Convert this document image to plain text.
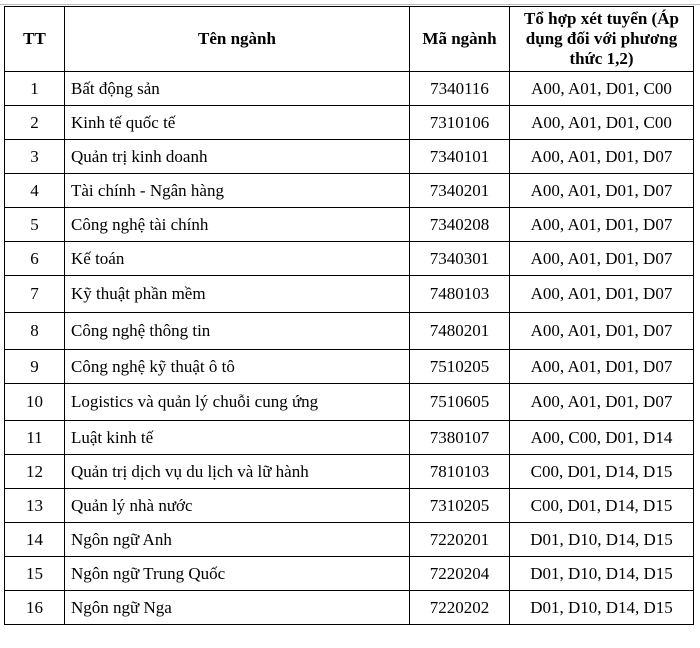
TT	Tên ngành	Mã ngành	Tổ hợp xét tuyển (Áp dụng đối với phương thức 1,2)
1	Bất động sản	7340116	A00, A01, D01, C00
2	Kinh tế quốc tế	7310106	A00, A01, D01, C00
3	Quản trị kinh doanh	7340101	A00, A01, D01, D07
4	Tài chính - Ngân hàng	7340201	A00, A01, D01, D07
5	Công nghệ tài chính	7340208	A00, A01, D01, D07
6	Kế toán	7340301	A00, A01, D01, D07
7	Kỹ thuật phần mềm	7480103	A00, A01, D01, D07
8	Công nghệ thông tin	7480201	A00, A01, D01, D07
9	Công nghệ kỹ thuật ô tô	7510205	A00, A01, D01, D07
10	Logistics và quản lý chuỗi cung ứng	7510605	A00, A01, D01, D07
11	Luật kinh tế	7380107	A00, C00, D01, D14
12	Quản trị dịch vụ du lịch và lữ hành	7810103	C00, D01, D14, D15
13	Quản lý nhà nước	7310205	C00, D01, D14, D15
14	Ngôn ngữ Anh	7220201	D01, D10, D14, D15
15	Ngôn ngữ Trung Quốc	7220204	D01, D10, D14, D15
16	Ngôn ngữ Nga	7220202	D01, D10, D14, D15
